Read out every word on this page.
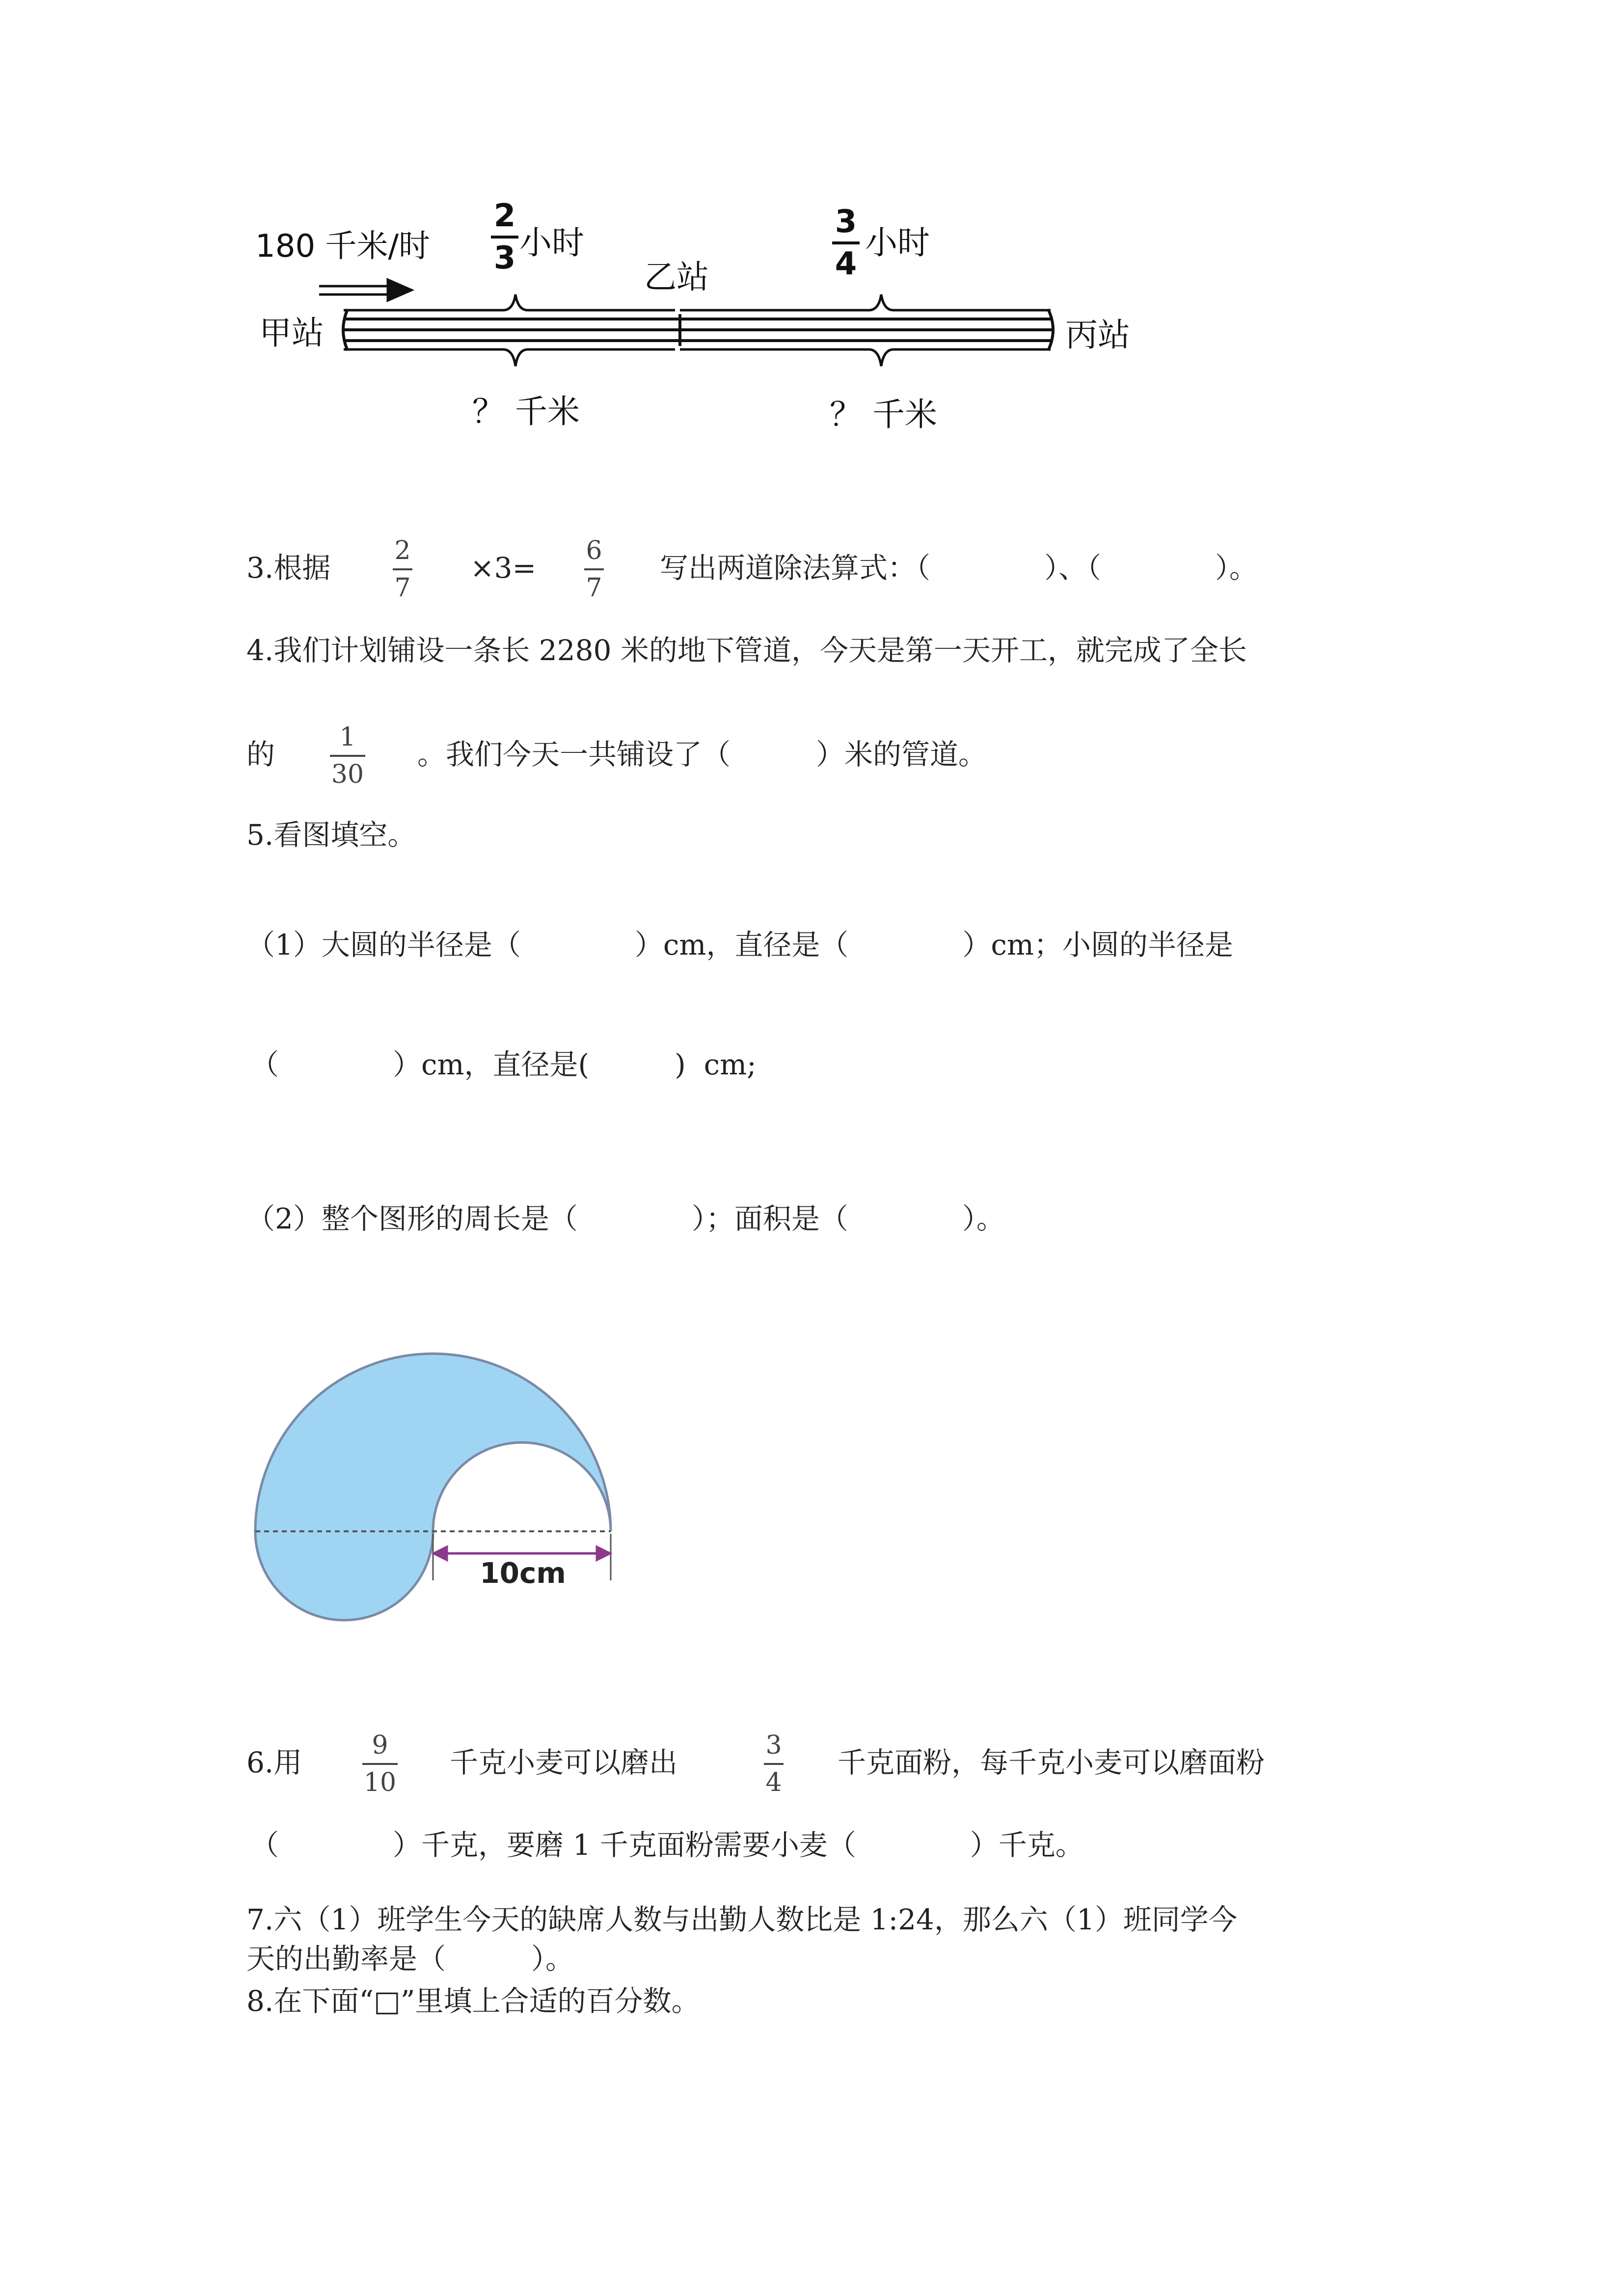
180 千米/时
2
3 小时
3
4
小时
乙站
甲站	丙站
？ 千米	？ 千米
3.根据
2
7
×3=
6
7
写出两道除法算式：（　　　　）、（　　　　）。
4.我们计划铺设一条长 2280 米的地下管道，今天是第一天开工，就完成了全长
的
1
30
。我们今天一共铺设了（　　　）米的管道。
5.看图填空。
（1）大圆的半径是（　　　　）cm，直径是（　　　　）cm；小圆的半径是
（　　　　）cm，直径是(　　　)  cm;
（2）整个图形的周长是（　　　　）；面积是（　　　　）。
10cm
6.用
9
10
千克小麦可以磨出
3
4
千克面粉，每千克小麦可以磨面粉
（　　　　）千克，要磨 1 千克面粉需要小麦（　　　　）千克。
7.六（1）班学生今天的缺席人数与出勤人数比是 1:24，那么六（1）班同学今
天的出勤率是（　　　）。
8.在下面“□”里填上合适的百分数。
